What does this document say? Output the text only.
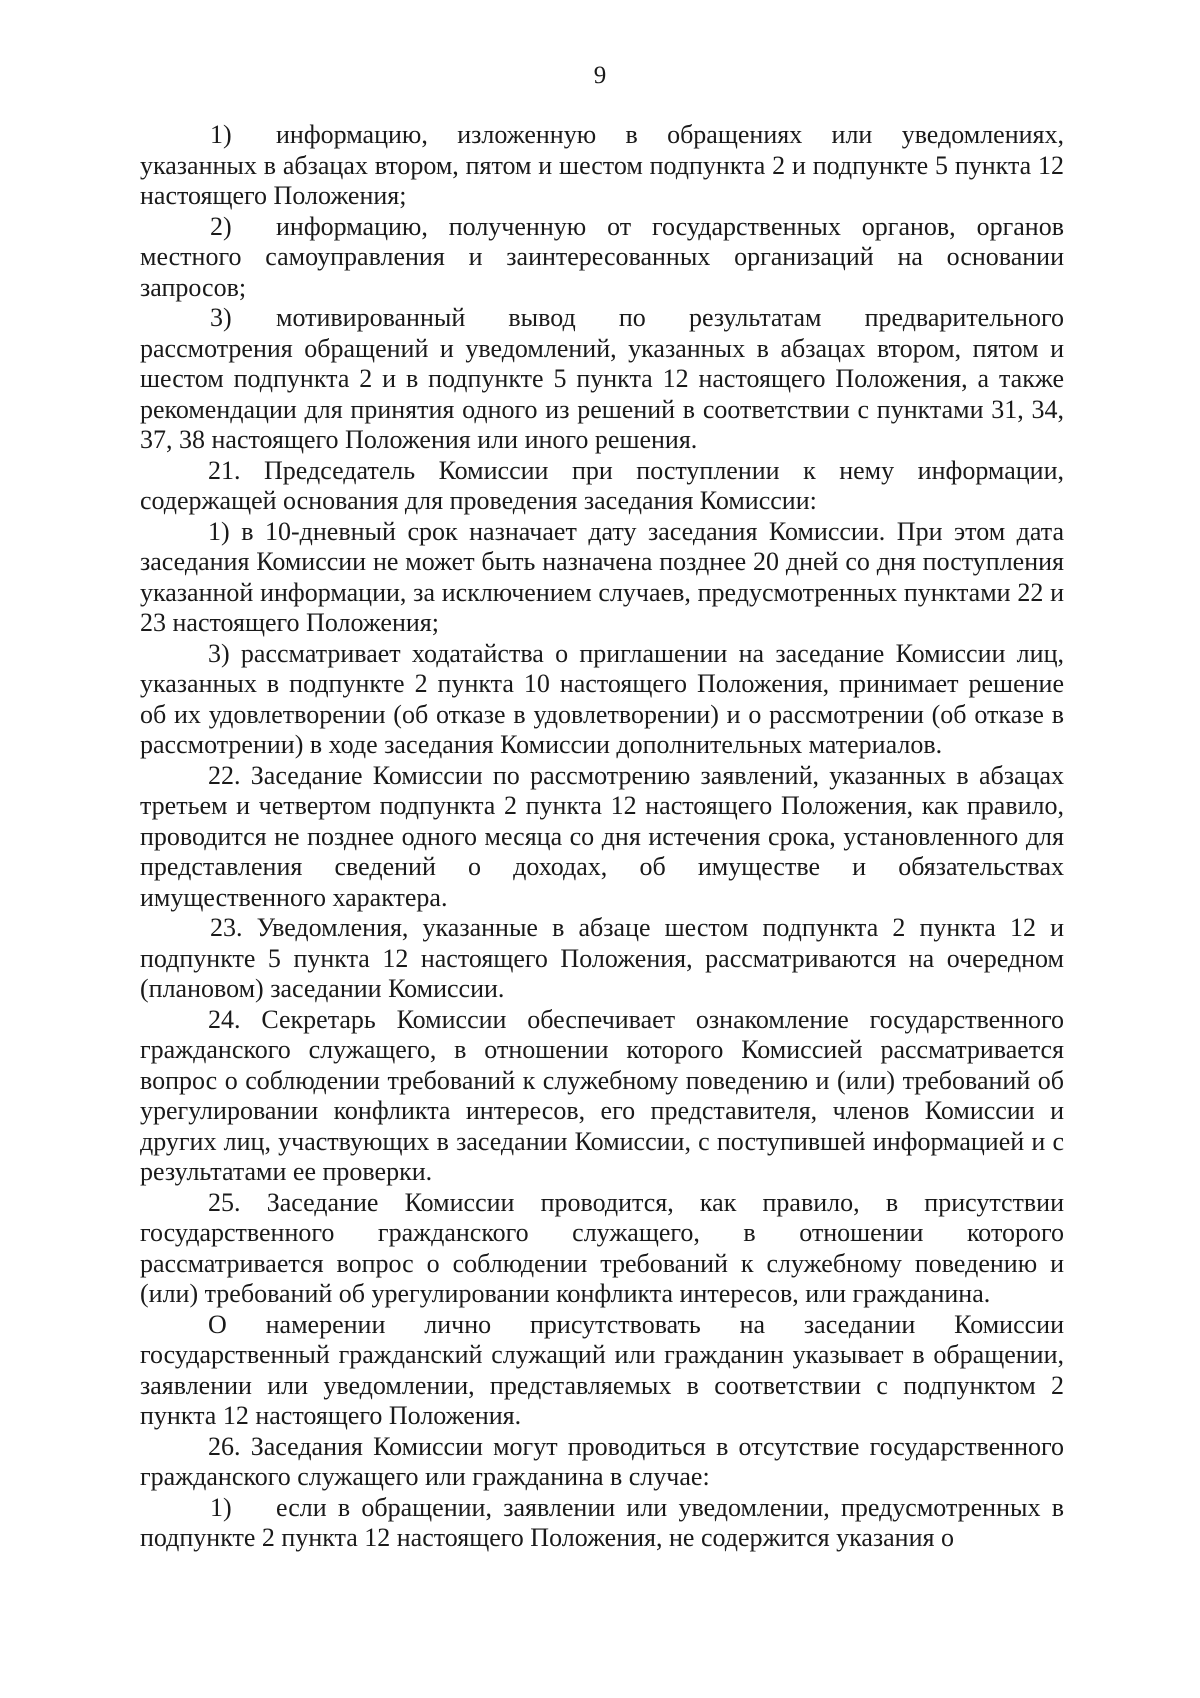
9

1) информацию, изложенную в обращениях или уведомлениях, указанных в абзацах втором, пятом и шестом подпункта 2 и подпункте 5 пункта 12 настоящего Положения;

2) информацию, полученную от государственных органов, органов местного самоуправления и заинтересованных организаций на основании запросов;

3) мотивированный вывод по результатам предварительного рассмотрения обращений и уведомлений, указанных в абзацах втором, пятом и шестом подпункта 2 и в подпункте 5 пункта 12 настоящего Положения, а также рекомендации для принятия одного из решений в соответствии с пунктами 31, 34, 37, 38 настоящего Положения или иного решения.

21. Председатель Комиссии при поступлении к нему информации, содержащей основания для проведения заседания Комиссии:

1) в 10-дневный срок назначает дату заседания Комиссии. При этом дата заседания Комиссии не может быть назначена позднее 20 дней со дня поступления указанной информации, за исключением случаев, предусмотренных пунктами 22 и 23 настоящего Положения;

3) рассматривает ходатайства о приглашении на заседание Комиссии лиц, указанных в подпункте 2 пункта 10 настоящего Положения, принимает решение об их удовлетворении (об отказе в удовлетворении) и о рассмотрении (об отказе в рассмотрении) в ходе заседания Комиссии дополнительных материалов.

22. Заседание Комиссии по рассмотрению заявлений, указанных в абзацах третьем и четвертом подпункта 2 пункта 12 настоящего Положения, как правило, проводится не позднее одного месяца со дня истечения срока, установленного для представления сведений о доходах, об имуществе и обязательствах имущественного характера.

23. Уведомления, указанные в абзаце шестом подпункта 2 пункта 12 и подпункте 5 пункта 12 настоящего Положения, рассматриваются на очередном (плановом) заседании Комиссии.

24. Секретарь Комиссии обеспечивает ознакомление государственного гражданского служащего, в отношении которого Комиссией рассматривается вопрос о соблюдении требований к служебному поведению и (или) требований об урегулировании конфликта интересов, его представителя, членов Комиссии и других лиц, участвующих в заседании Комиссии, с поступившей информацией и с результатами ее проверки.

25. Заседание Комиссии проводится, как правило, в присутствии государственного гражданского служащего, в отношении которого рассматривается вопрос о соблюдении требований к служебному поведению и (или) требований об урегулировании конфликта интересов, или гражданина.

О намерении лично присутствовать на заседании Комиссии государственный гражданский служащий или гражданин указывает в обращении, заявлении или уведомлении, представляемых в соответствии с подпунктом 2 пункта 12 настоящего Положения.

26. Заседания Комиссии могут проводиться в отсутствие государственного гражданского служащего или гражданина в случае:

1) если в обращении, заявлении или уведомлении, предусмотренных в подпункте 2 пункта 12 настоящего Положения, не содержится указания о
